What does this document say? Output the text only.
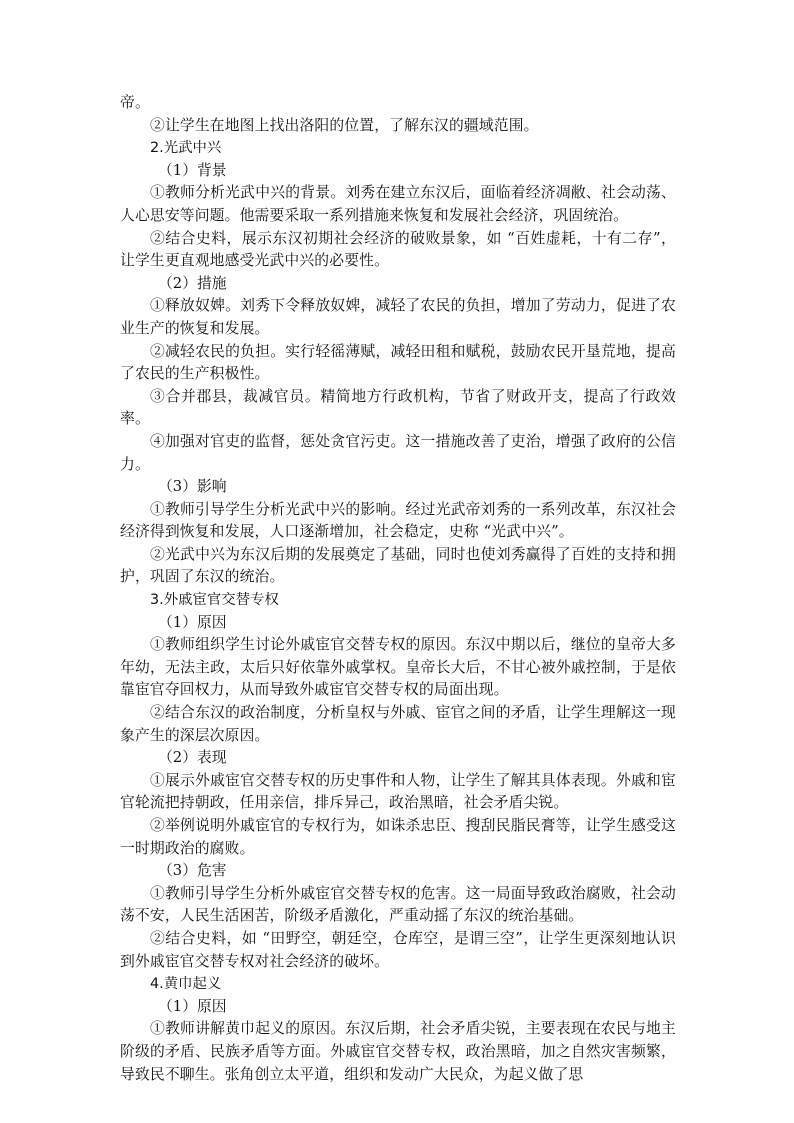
帝。

②让学生在地图上找出洛阳的位置，了解东汉的疆域范围。

2.光武中兴

（1）背景

①教师分析光武中兴的背景。刘秀在建立东汉后，面临着经济凋敝、社会动荡、人心思安等问题。他需要采取一系列措施来恢复和发展社会经济，巩固统治。

②结合史料，展示东汉初期社会经济的破败景象，如 “百姓虚耗，十有二存”，让学生更直观地感受光武中兴的必要性。

（2）措施

①释放奴婢。刘秀下令释放奴婢，减轻了农民的负担，增加了劳动力，促进了农业生产的恢复和发展。

②减轻农民的负担。实行轻徭薄赋，减轻田租和赋税，鼓励农民开垦荒地，提高了农民的生产积极性。

③合并郡县，裁减官员。精简地方行政机构，节省了财政开支，提高了行政效率。

④加强对官吏的监督，惩处贪官污吏。这一措施改善了吏治，增强了政府的公信力。

（3）影响

①教师引导学生分析光武中兴的影响。经过光武帝刘秀的一系列改革，东汉社会经济得到恢复和发展，人口逐渐增加，社会稳定，史称 “光武中兴”。

②光武中兴为东汉后期的发展奠定了基础，同时也使刘秀赢得了百姓的支持和拥护，巩固了东汉的统治。

3.外戚宦官交替专权

（1）原因

①教师组织学生讨论外戚宦官交替专权的原因。东汉中期以后，继位的皇帝大多年幼，无法主政，太后只好依靠外戚掌权。皇帝长大后，不甘心被外戚控制，于是依靠宦官夺回权力，从而导致外戚宦官交替专权的局面出现。

②结合东汉的政治制度，分析皇权与外戚、宦官之间的矛盾，让学生理解这一现象产生的深层次原因。

（2）表现

①展示外戚宦官交替专权的历史事件和人物，让学生了解其具体表现。外戚和宦官轮流把持朝政，任用亲信，排斥异己，政治黑暗，社会矛盾尖锐。

②举例说明外戚宦官的专权行为，如诛杀忠臣、搜刮民脂民膏等，让学生感受这一时期政治的腐败。

（3）危害

①教师引导学生分析外戚宦官交替专权的危害。这一局面导致政治腐败，社会动荡不安，人民生活困苦，阶级矛盾激化，严重动摇了东汉的统治基础。

②结合史料，如 “田野空，朝廷空，仓库空，是谓三空”，让学生更深刻地认识到外戚宦官交替专权对社会经济的破坏。

4.黄巾起义

（1）原因

①教师讲解黄巾起义的原因。东汉后期，社会矛盾尖锐，主要表现在农民与地主阶级的矛盾、民族矛盾等方面。外戚宦官交替专权，政治黑暗，加之自然灾害频繁，导致民不聊生。张角创立太平道，组织和发动广大民众，为起义做了思
